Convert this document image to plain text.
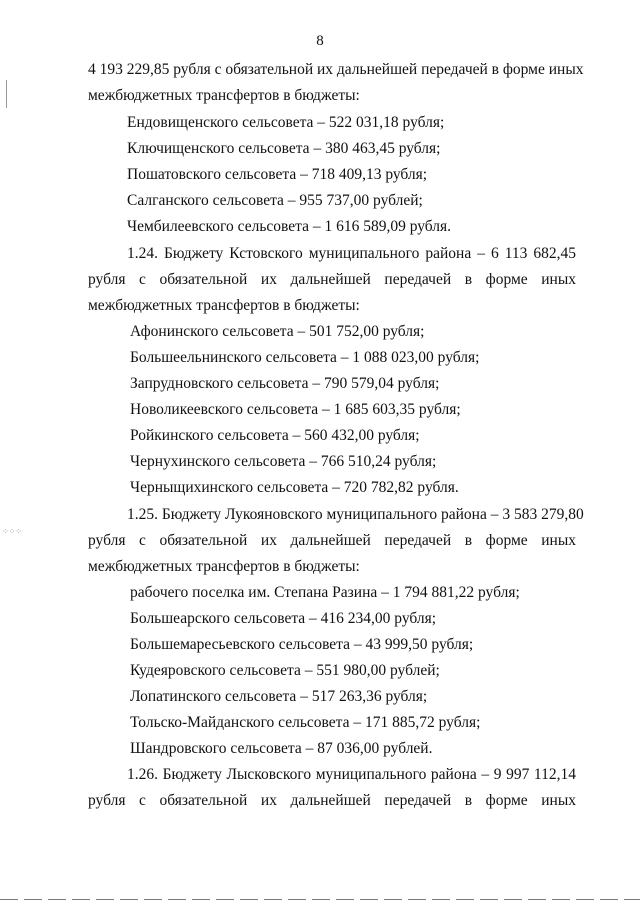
⁘⁘⁘
8
4 193 229,85 рубля с обязательной их дальнейшей передачей в форме иных
межбюджетных трансфертов в бюджеты:
Ендовищенского сельсовета – 522 031,18 рубля;
Ключищенского сельсовета – 380 463,45 рубля;
Пошатовского сельсовета – 718 409,13 рубля;
Салганского сельсовета – 955 737,00 рублей;
Чембилеевского сельсовета – 1 616 589,09 рубля.
1.24. Бюджету Кстовского муниципального района – 6 113 682,45
рубля с обязательной их дальнейшей передачей в форме иных
межбюджетных трансфертов в бюджеты:
Афонинского сельсовета – 501 752,00 рубля;
Большеельнинского сельсовета – 1 088 023,00 рубля;
Запрудновского сельсовета – 790 579,04 рубля;
Новоликеевского сельсовета – 1 685 603,35 рубля;
Ройкинского сельсовета – 560 432,00 рубля;
Чернухинского сельсовета – 766 510,24 рубля;
Черныщихинского сельсовета – 720 782,82 рубля.
1.25. Бюджету Лукояновского муниципального района – 3 583 279,80
рубля с обязательной их дальнейшей передачей в форме иных
межбюджетных трансфертов в бюджеты:
рабочего поселка им. Степана Разина – 1 794 881,22 рубля;
Большеарского сельсовета – 416 234,00 рубля;
Большемаресьевского сельсовета – 43 999,50 рубля;
Кудеяровского сельсовета – 551 980,00 рублей;
Лопатинского сельсовета – 517 263,36 рубля;
Тольско-Майданского сельсовета – 171 885,72 рубля;
Шандровского сельсовета – 87 036,00 рублей.
1.26. Бюджету Лысковского муниципального района – 9 997 112,14
рубля с обязательной их дальнейшей передачей в форме иных
